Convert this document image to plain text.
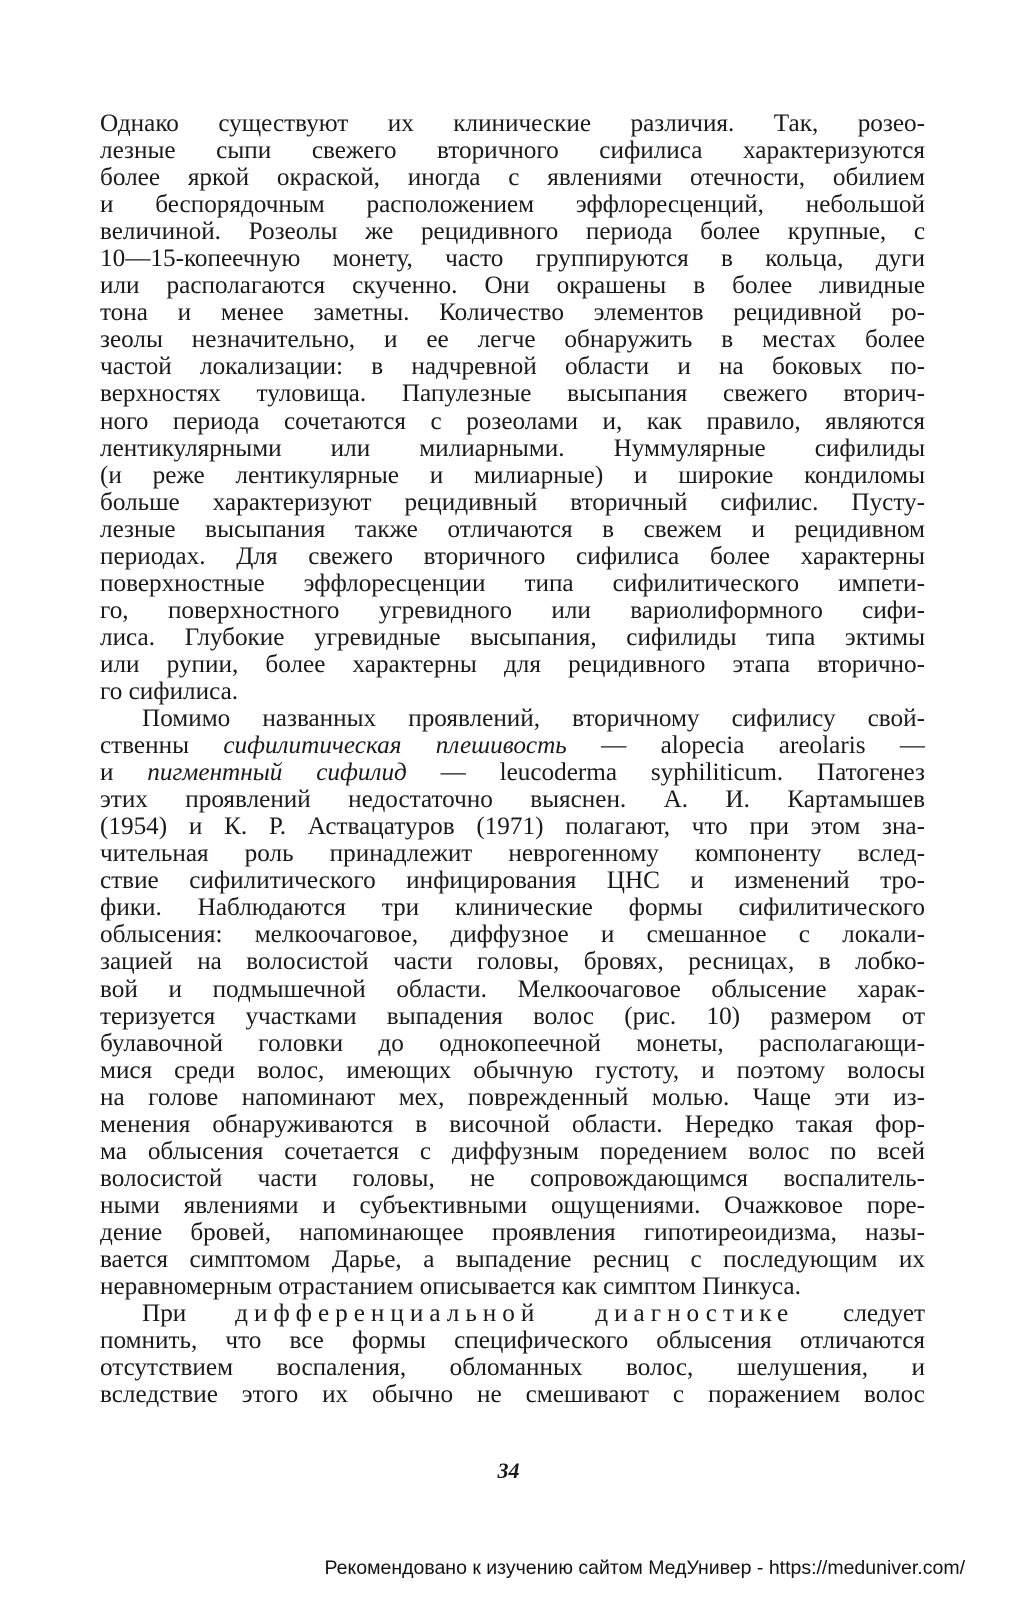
Однако существуют их клинические различия. Так, розео-
лезные сыпи свежего вторичного сифилиса характеризуются
более яркой окраской, иногда с явлениями отечности, обилием
и беспорядочным расположением эффлоресценций, небольшой
величиной. Розеолы же рецидивного периода более крупные, с
10—15-копеечную монету, часто группируются в кольца, дуги
или располагаются скученно. Они окрашены в более ливидные
тона и менее заметны. Количество элементов рецидивной ро-
зеолы незначительно, и ее легче обнаружить в местах более
частой локализации: в надчревной области и на боковых по-
верхностях туловища. Папулезные высыпания свежего вторич-
ного периода сочетаются с розеолами и, как правило, являются
лентикулярными или милиарными. Нуммулярные сифилиды
(и реже лентикулярные и милиарные) и широкие кондиломы
больше характеризуют рецидивный вторичный сифилис. Пусту-
лезные высыпания также отличаются в свежем и рецидивном
периодах. Для свежего вторичного сифилиса более характерны
поверхностные эффлоресценции типа сифилитического импети-
го, поверхностного угревидного или вариолиформного сифи-
лиса. Глубокие угревидные высыпания, сифилиды типа эктимы
или рупии, более характерны для рецидивного этапа вторично-
го сифилиса.
Помимо названных проявлений, вторичному сифилису свой-
ственны сифилитическая плешивость — alopecia areolaris —
и пигментный сифилид — leucoderma syphiliticum. Патогенез
этих проявлений недостаточно выяснен. А. И. Картамышев
(1954) и К. Р. Аствацатуров (1971) полагают, что при этом зна-
чительная роль принадлежит неврогенному компоненту вслед-
ствие сифилитического инфицирования ЦНС и изменений тро-
фики. Наблюдаются три клинические формы сифилитического
облысения: мелкоочаговое, диффузное и смешанное с локали-
зацией на волосистой части головы, бровях, ресницах, в лобко-
вой и подмышечной области. Мелкоочаговое облысение харак-
теризуется участками выпадения волос (рис. 10) размером от
булавочной головки до однокопеечной монеты, располагающи-
мися среди волос, имеющих обычную густоту, и поэтому волосы
на голове напоминают мех, поврежденный молью. Чаще эти из-
менения обнаруживаются в височной области. Нередко такая фор-
ма облысения сочетается с диффузным поредением волос по всей
волосистой части головы, не сопровождающимся воспалитель-
ными явлениями и субъективными ощущениями. Очажковое поре-
дение бровей, напоминающее проявления гипотиреоидизма, назы-
вается симптомом Дарье, а выпадение ресниц с последующим их
неравномерным отрастанием описывается как симптом Пинкуса.
При дифференциальной диагностике следует
помнить, что все формы специфического облысения отличаются
отсутствием воспаления, обломанных волос, шелушения, и
вследствие этого их обычно не смешивают с поражением волос
34
Рекомендовано к изучению сайтом МедУнивер - https://meduniver.com/
